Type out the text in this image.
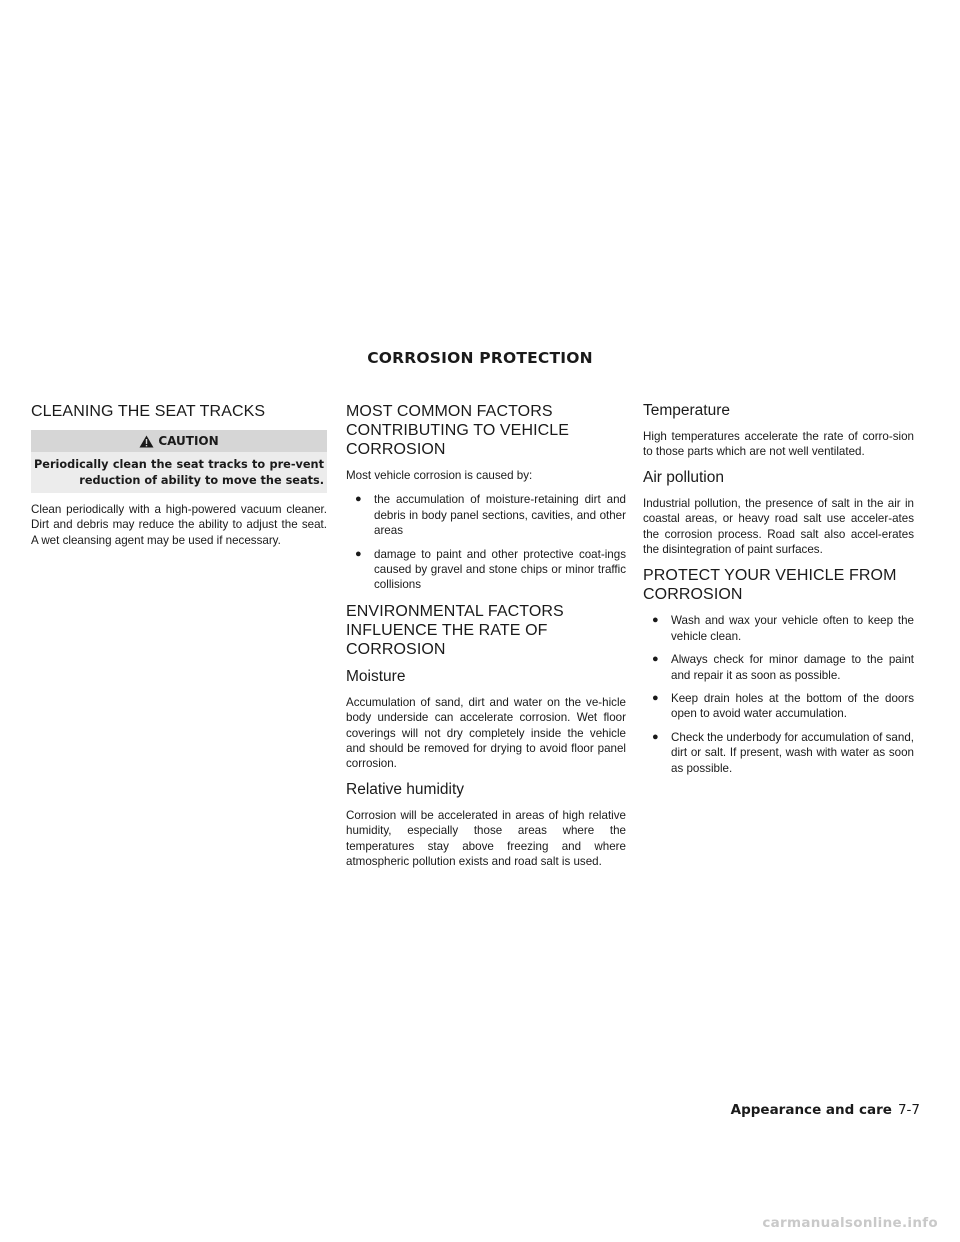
CORROSION PROTECTION
CLEANING THE SEAT TRACKS
CAUTION
Periodically clean the seat tracks to pre-vent reduction of ability to move the seats.

Clean periodically with a high-powered vacuum cleaner. Dirt and debris may reduce the ability to adjust the seat. A wet cleansing agent may be used if necessary.

MOST COMMON FACTORS CONTRIBUTING TO VEHICLE CORROSION

Most vehicle corrosion is caused by:

● the accumulation of moisture-retaining dirt and debris in body panel sections, cavities, and other areas
● damage to paint and other protective coat-ings caused by gravel and stone chips or minor traffic collisions
ENVIRONMENTAL FACTORS INFLUENCE THE RATE OF CORROSION
Moisture

Accumulation of sand, dirt and water on the ve-hicle body underside can accelerate corrosion. Wet floor coverings will not dry completely inside the vehicle and should be removed for drying to avoid floor panel corrosion.

Relative humidity

Corrosion will be accelerated in areas of high relative humidity, especially those areas where the temperatures stay above freezing and where atmospheric pollution exists and road salt is used.

Temperature

High temperatures accelerate the rate of corro-sion to those parts which are not well ventilated.

Air pollution

Industrial pollution, the presence of salt in the air in coastal areas, or heavy road salt use acceler-ates the corrosion process. Road salt also accel-erates the disintegration of paint surfaces.

PROTECT YOUR VEHICLE FROM CORROSION
● Wash and wax your vehicle often to keep the vehicle clean.
● Always check for minor damage to the paint and repair it as soon as possible.
● Keep drain holes at the bottom of the doors open to avoid water accumulation.
● Check the underbody for accumulation of sand, dirt or salt. If present, wash with water as soon as possible.
Appearance and care 7-7
carmanualsonline.info
